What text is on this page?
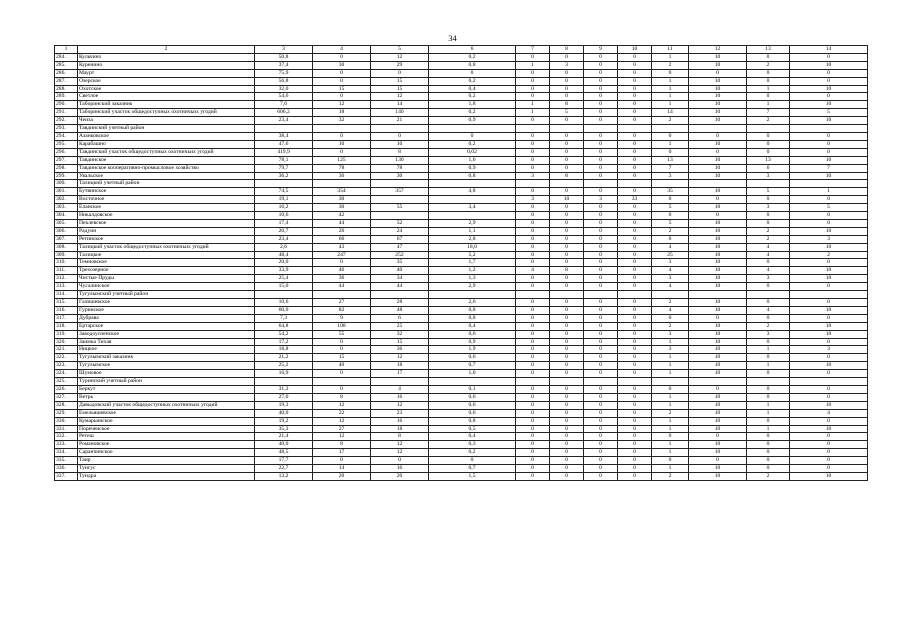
34
1	2	3	4	5	6	7	8	9	10	11	12	13	14
284.	Кульчинх	50,8	0	12	0,2	0	0	0	0	1	10	0	0
285.	Куренино	37,4	30	29	0,8	1	3	0	0	2	10	2	10
286.	Маурт	75,9	0	0	0	0	0	0	0	0	0	0	0
287.	Озерское	56,8	0	15	0,2	0	0	0	0	1	10	0	0
288.	Охотское	32,0	15	15	0,4	0	0	0	0	1	10	1	10
289.	Светлое	54,6	0	12	0,2	0	0	0	0	1	10	0	0
290.	Таборинский заказник	7,6	12	14	1,8	1	8	0	0	1	10	1	10
291.	Таборинский участок общедоступных охотничьих угодий	606,2	18	140	0,2	1	5	0	0	14	10	7	5
292.	Чеиза	23,4	32	21	0,9	0	0	0	0	2	10	2	10
293.	Тавдинский учетный район												
294.	Азанковское	38,4	0	0	0	0	0	0	0	0	0	0	0
295.	Карабашно	47,6	10	10	0,2	0	0	0	0	1	10	0	0
296.	Тавдинский участок общедоступных охотничьих угодий	419,9	0	8	0,02	0	0	0	0	0	0	0	0
297.	Тавдинское	78,1	125	130	1,6	0	0	0	0	13	10	13	10
298.	Тавдинское кооперативно-промысловое хозяйство	79,7	78	78	0,9	0	0	0	0	7	10	6	7
299.	Увальское	36,2	36	30	0,8	3	8	0	0	3	10	3	10
300.	Талицкий учетный район												
301.	Бутвинское	74,5	354	357	4,8	0	0	0	0	35	10	5	1
302.	Восточное	19,1	30			3	10	3	33	0	0	0	0
303.	Еланское	16,2	30	55	3,4	0	0	0	0	5	10	3	5
304.	Никалдовское	10,6	42			0	0	0	0	0	0	0	0
305.	Пеклевское	17,4	44	52	2,9	0	0	0	0	5	10	0	0
306.	Радуин	20,7	26	24	1,1	0	0	0	0	2	10	2	10
307.	Ретинское	23,4	66	67	2,8	0	0	0	0	6	10	2	3
308.	Талицкий участок общедоступных охотничьих угодий	2,6	43	47	18,0	0	0	0	0	4	10	4	10
309.	Талицкое	48,4	247	252	5,2	0	0	0	0	25	10	4	2
310.	Темновское	20,0	0	35	1,7	0	0	0	0	3	10	0	0
311.	Трехозерное	33,9	46	40	1,2	4	8	0	0	4	10	4	10
312.	Чистые Пруды	25,4	36	34	1,3	0	0	0	0	3	10	3	10
313.	Чусалинское	15,0	44	44	2,9	0	0	0	0	4	10	0	0
314.	Тугулымский учетный район												
315.	Галишевское	10,6	27	28	2,6	0	0	0	0	2	10	0	0
316.	Гуринское	60,0	82	48	0,8	0	0	0	0	4	10	4	10
317.	Дубрава	7,3	9	6	0,8	0	0	0	0	0	0	0	0
318.	Ертарское	64,8	108	25	0,4	0	0	0	0	2	10	2	10
319.	Заводоуспенское	54,2	55	32	0,6	0	0	0	0	3	10	3	10
320.	Заимка Тихая	17,2	0	15	0,9	0	0	0	0	1	10	0	0
321.	Ницкое	18,8	0	36	1,9	0	0	0	0	3	10	1	3
322.	Тугулымский заказник	21,2	15	12	0,6	0	0	0	0	1	10	0	0
323.	Тугулымское	25,2	40	18	0,7	0	0	0	0	1	10	1	10
324.	Шумовое	16,9	0	17	1,0	0	0	0	0	1	10	0	0
325.	Туринский учетный район												
326.	Беркут	31,3	0	4	0,1	0	0	0	0	0	0	0	0
327.	Ветрь	27,0	8	16	0,6	0	0	0	0	1	10	0	0
328.	Давыдовский участок общедоступных охотничьих угодий	19,3	12	12	0,6	0	0	0	0	1	10	1	10
329.	Емельяшевское	40,0	22	23	0,6	0	0	0	0	2	10	1	4
330.	Кумарьинское	19,2	12	16	0,8	0	0	0	0	1	10	0	0
331.	Пореченское	35,3	27	18	0,5	0	0	0	0	1	10	1	10
332.	Ретеш	21,4	12	8	0,4	0	0	0	0	0	0	0	0
333.	Романовское	40,0	8	12	0,3	0	0	0	0	1	10	0	0
334.	Саранчинское	48,5	17	12	0,2	0	0	0	0	1	10	0	0
335.	Таир	17,7	0	0	0	0	0	0	0	0	0	0	0
336.	Тунгус	22,7	14	16	0,7	0	0	0	0	1	10	0	0
337.	Тундра	13,2	20	20	1,5	0	0	0	0	2	10	2	10
